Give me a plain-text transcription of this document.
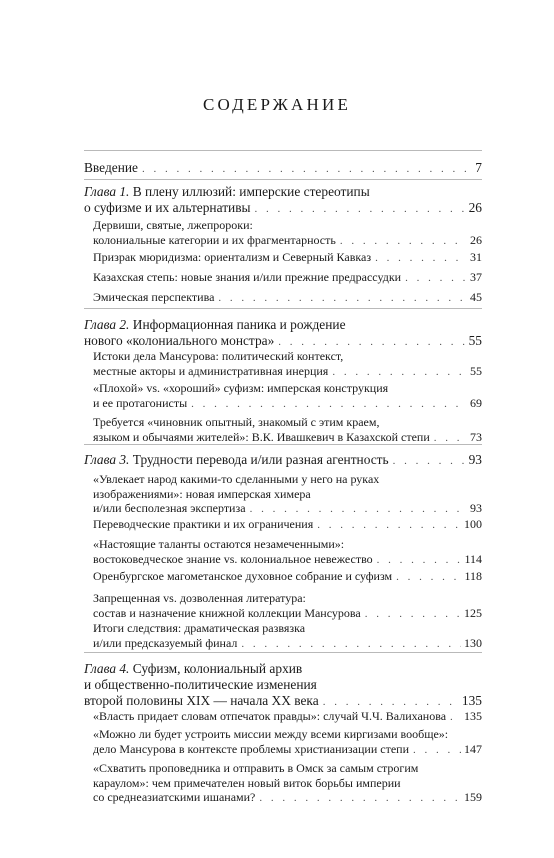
СОДЕРЖАНИЕ
Введение . . .	7
Глава 1. В плену иллюзий: имперские стереотипы
о суфизме и их альтернативы . . .	26
Дервиши, святые, лжепророки:
колониальные категории и их фрагментарность . . .	26
Призрак мюридизма: ориентализм и Северный Кавказ . . .	31
Казахская степь: новые знания и/или прежние предрассудки . . .	37
Эмическая перспектива . . .	45
Глава 2. Информационная паника и рождение
нового «колониального монстра» . . .	55
Истоки дела Мансурова: политический контекст,
местные акторы и административная инерция . . .	55
«Плохой» vs. «хороший» суфизм: имперская конструкция
и ее протагонисты . . .	69
Требуется «чиновник опытный, знакомый с этим краем,
языком и обычаями жителей»: В.К. Ивашкевич в Казахской степи . . .	73
Глава 3. Трудности перевода и/или разная агентность . . .	93
«Увлекает народ какими-то сделанными у него на руках
изображениями»: новая имперская химера
и/или бесполезная экспертиза . . .	93
Переводческие практики и их ограничения . . .	100
«Настоящие таланты остаются незамеченными»:
востоковедческое знание vs. колониальное невежество . . .	114
Оренбургское магометанское духовное собрание и суфизм . . .	118
Запрещенная vs. дозволенная литература:
состав и назначение книжной коллекции Мансурова . . .	125
Итоги следствия: драматическая развязка
и/или предсказуемый финал . . .	130
Глава 4. Суфизм, колониальный архив
и общественно-политические изменения
второй половины XIX — начала XX века . . .	135
«Власть придает словам отпечаток правды»: случай Ч.Ч. Валиханова . . . 135
«Можно ли будет устроить миссии между всеми киргизами вообще»:
дело Мансурова в контексте проблемы христианизации степи . . .	147
«Схватить проповедника и отправить в Омск за самым строгим
караулом»: чем примечателен новый виток борьбы империи
со среднеазиатскими ишанами? . . .	159
